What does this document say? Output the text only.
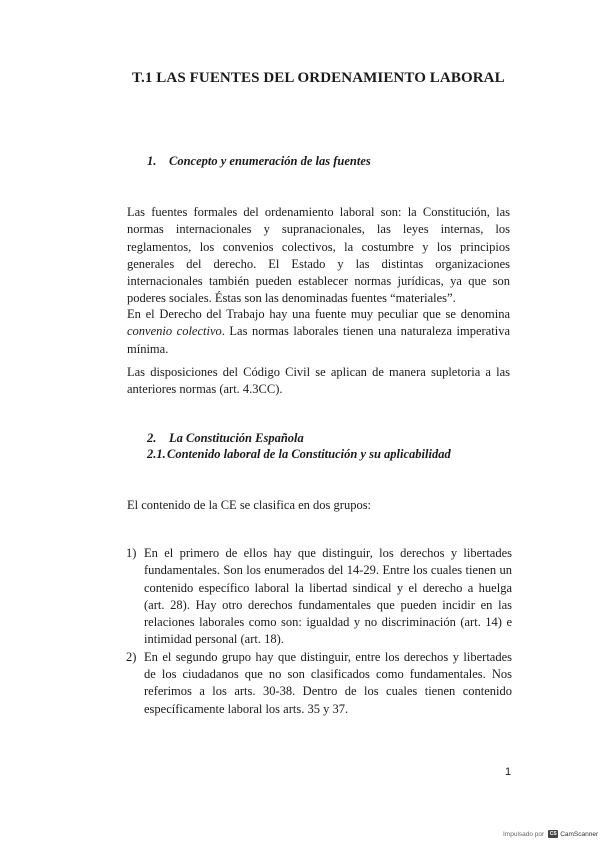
T.1 LAS FUENTES DEL ORDENAMIENTO LABORAL
1. Concepto y enumeración de las fuentes

Las fuentes formales del ordenamiento laboral son: la Constitución, las normas internacionales y supranacionales, las leyes internas, los reglamentos, los convenios colectivos, la costumbre y los principios generales del derecho. El Estado y las distintas organizaciones internacionales también pueden establecer normas jurídicas, ya que son poderes sociales. Éstas son las denominadas fuentes “materiales”.

En el Derecho del Trabajo hay una fuente muy peculiar que se denomina convenio colectivo. Las normas laborales tienen una naturaleza imperativa mínima.

Las disposiciones del Código Civil se aplican de manera supletoria a las anteriores normas (art. 4.3CC).

2. La Constitución Española
2.1.Contenido laboral de la Constitución y su aplicabilidad

El contenido de la CE se clasifica en dos grupos:

1) En el primero de ellos hay que distinguir, los derechos y libertades fundamentales. Son los enumerados del 14-29. Entre los cuales tienen un contenido específico laboral la libertad sindical y el derecho a huelga (art. 28). Hay otro derechos fundamentales que pueden incidir en las relaciones laborales como son: igualdad y no discriminación (art. 14) e intimidad personal (art. 18).
2) En el segundo grupo hay que distinguir, entre los derechos y libertades de los ciudadanos que no son clasificados como fundamentales. Nos referimos a los arts. 30-38. Dentro de los cuales tienen contenido específicamente laboral los arts. 35 y 37.
1
Impulsado por	CS CamScanner
